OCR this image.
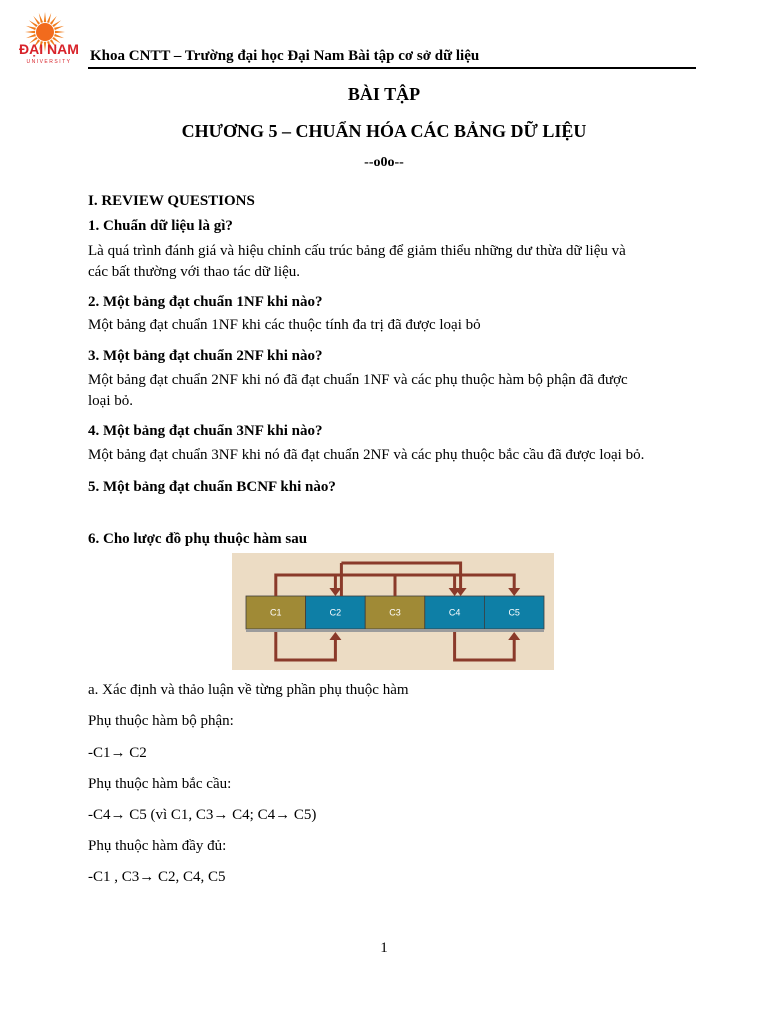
ĐẠI NAM
UNIVERSITY Khoa CNTT – Trường đại học Đại Nam Bài tập cơ sở dữ liệu
BÀI TẬP
CHƯƠNG 5 – CHUẨN HÓA CÁC BẢNG DỮ LIỆU
--o0o--
I. REVIEW QUESTIONS
1. Chuẩn dữ liệu là gì?
Là quá trình đánh giá và hiệu chỉnh cấu trúc bảng để giảm thiểu những dư thừa dữ liệu và
các bất thường với thao tác dữ liệu.
2. Một bảng đạt chuẩn 1NF khi nào?
Một bảng đạt chuẩn 1NF khi các thuộc tính đa trị đã được loại bỏ
3. Một bảng đạt chuẩn 2NF khi nào?
Một bảng đạt chuẩn 2NF khi nó đã đạt chuẩn 1NF và các phụ thuộc hàm bộ phận đã được
loại bỏ.
4. Một bảng đạt chuẩn 3NF khi nào?
Một bảng đạt chuẩn 3NF khi nó đã đạt chuẩn 2NF và các phụ thuộc bắc cầu đã được loại bỏ.
5. Một bảng đạt chuẩn BCNF khi nào?
6. Cho lược đồ phụ thuộc hàm sau
C1	C2	C3	C4	C5
a. Xác định và thảo luận về từng phần phụ thuộc hàm
Phụ thuộc hàm bộ phận:
-C1→ C2
Phụ thuộc hàm bắc cầu:
-C4→ C5 (vì C1, C3→ C4; C4→ C5)
Phụ thuộc hàm đầy đủ:
-C1 , C3→ C2, C4, C5
1
